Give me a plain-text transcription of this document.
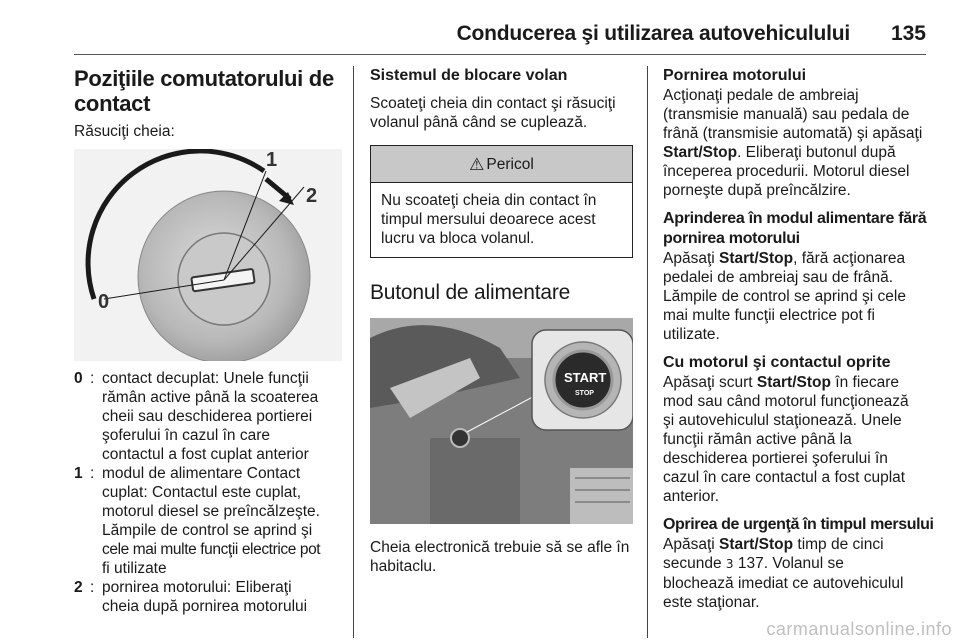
Conducerea şi utilizarea autovehiculului 135
Poziţiile comutatorului de
contact

Răsuciţi cheia:

0
1
2
0 : contact decuplat: Unele funcţii
rămân active până la scoaterea
cheii sau deschiderea portierei
şoferului în cazul în care
contactul a fost cuplat anterior
1 : modul de alimentare Contact
cuplat: Contactul este cuplat,
motorul diesel se preîncălzeşte.
Lămpile de control se aprind şi
cele mai multe funcţii electrice pot
fi utilizate
2 : pornirea motorului: Eliberaţi
cheia după pornirea motorului
Sistemul de blocare volan
Scoateţi cheia din contact şi răsuciţi
volanul până când se cuplează.
⚠ Pericol
Nu scoateţi cheia din contact în
timpul mersului deoarece acest
lucru va bloca volanul.
Butonul de alimentare
START
STOP
Cheia electronică trebuie să se afle în
habitaclu.
Pornirea motorului
Acţionaţi pedale de ambreiaj
(transmisie manuală) sau pedala de
frână (transmisie automată) şi apăsaţi
Start/Stop. Eliberaţi butonul după
începerea procedurii. Motorul diesel
porneşte după preîncălzire.
Aprinderea în modul alimentare fără
pornirea motorului
Apăsaţi Start/Stop, fără acţionarea
pedalei de ambreiaj sau de frână.
Lămpile de control se aprind şi cele
mai multe funcţii electrice pot fi
utilizate.
Cu motorul şi contactul oprite
Apăsaţi scurt Start/Stop în fiecare
mod sau când motorul funcţionează
şi autovehiculul staţionează. Unele
funcţii rămân active până la
deschiderea portierei şoferului în
cazul în care contactul a fost cuplat
anterior.
Oprirea de urgenţă în timpul mersului
Apăsaţi Start/Stop timp de cinci
secunde 3 137. Volanul se
blochează imediat ce autovehiculul
este staţionar.
carmanualsonline.info
